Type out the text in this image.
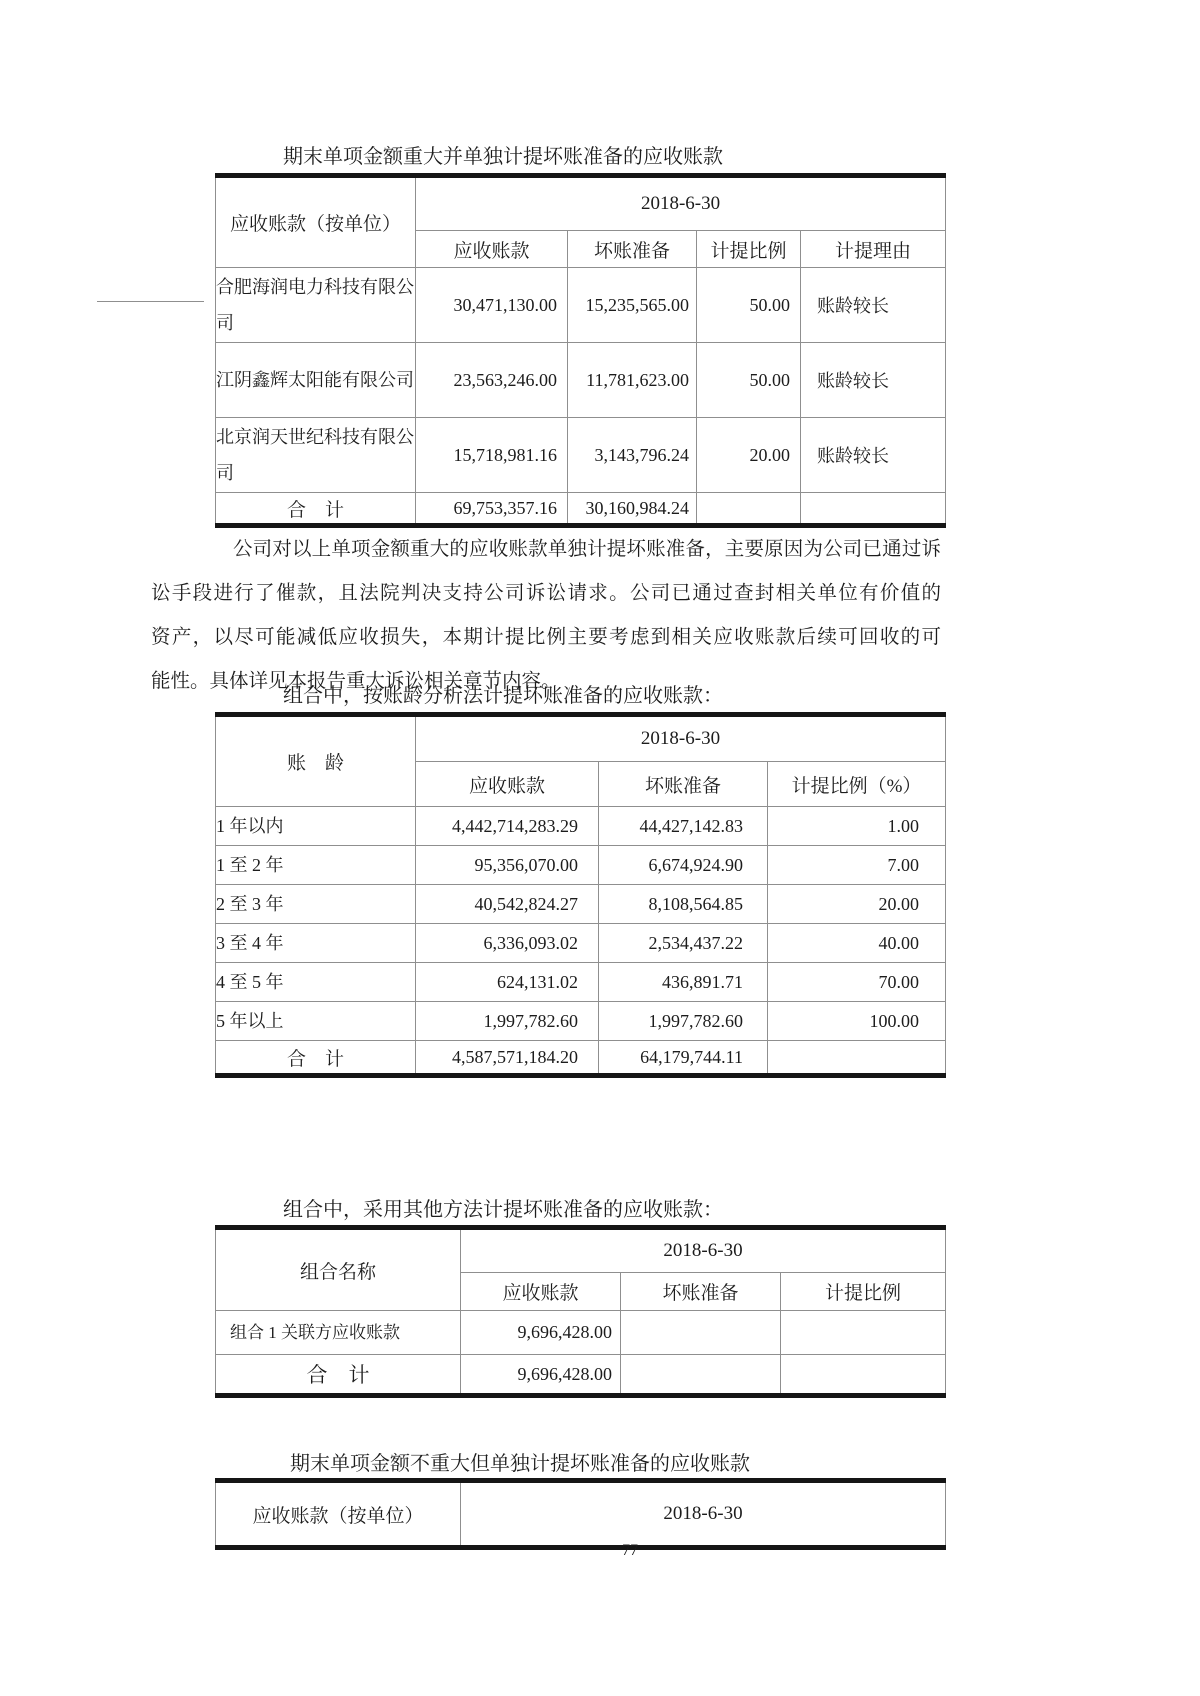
期末单项金额重大并单独计提坏账准备的应收账款
应收账款（按单位）	2018-6-30			
	应收账款	坏账准备	计提比例	计提理由
合肥海润电力科技有限公司	30,471,130.00	15,235,565.00	50.00	账龄较长
江阴鑫辉太阳能有限公司	23,563,246.00	11,781,623.00	50.00	账龄较长
北京润天世纪科技有限公司	15,718,981.16	3,143,796.24	20.00	账龄较长
合　计	69,753,357.16	30,160,984.24		
公司对以上单项金额重大的应收账款单独计提坏账准备，主要原因为公司已通过诉
讼手段进行了催款，且法院判决支持公司诉讼请求。公司已通过查封相关单位有价值的
资产，以尽可能减低应收损失，本期计提比例主要考虑到相关应收账款后续可回收的可
能性。具体详见本报告重大诉讼相关章节内容。
组合中，按账龄分析法计提坏账准备的应收账款：
账　龄	2018-6-30		
	应收账款	坏账准备	计提比例（%）
1 年以内	4,442,714,283.29	44,427,142.83	1.00
1 至 2 年	95,356,070.00	6,674,924.90	7.00
2 至 3 年	40,542,824.27	8,108,564.85	20.00
3 至 4 年	6,336,093.02	2,534,437.22	40.00
4 至 5 年	624,131.02	436,891.71	70.00
5 年以上	1,997,782.60	1,997,782.60	100.00
合　计	4,587,571,184.20	64,179,744.11	
组合中，采用其他方法计提坏账准备的应收账款：
组合名称	2018-6-30		
	应收账款	坏账准备	计提比例
组合 1 关联方应收账款	9,696,428.00		
合　计	9,696,428.00		
期末单项金额不重大但单独计提坏账准备的应收账款
应收账款（按单位）	2018-6-30
77
